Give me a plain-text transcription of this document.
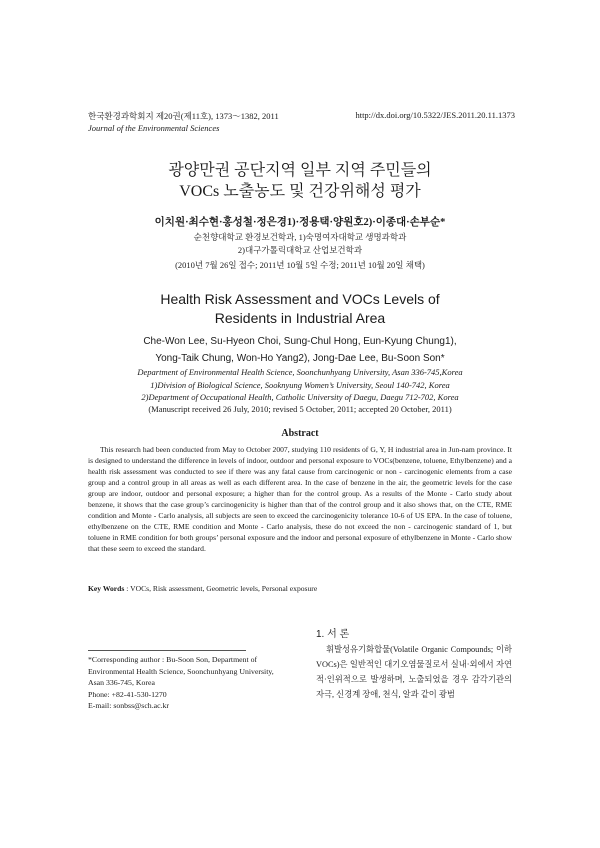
한국환경과학회지 제20권(제11호), 1373～1382, 2011
Journal of the Environmental Sciences
http://dx.doi.org/10.5322/JES.2011.20.11.1373
광양만권 공단지역 일부 지역 주민들의
VOCs 노출농도 및 건강위해성 평가
이치원·최수현·홍성철·정은경1)·정용택·양원호2)·이종대·손부순*
순천향대학교 환경보건학과, 1)숙명여자대학교 생명과학과
2)대구가톨릭대학교 산업보건학과
(2010년 7월 26일 접수; 2011년 10월 5일 수정; 2011년 10월 20일 채택)
Health Risk Assessment and VOCs Levels of
Residents in Industrial Area
Che-Won Lee, Su-Hyeon Choi, Sung-Chul Hong, Eun-Kyung Chung1),
Yong-Taik Chung, Won-Ho Yang2), Jong-Dae Lee, Bu-Soon Son*
Department of Environmental Health Science, Soonchunhyang University, Asan 336-745,Korea
1)Division of Biological Science, Sooknyung Women’s University, Seoul 140-742, Korea
2)Department of Occupational Health, Catholic University of Daegu, Daegu 712-702, Korea
(Manuscript received 26 July, 2010; revised 5 October, 2011; accepted 20 October, 2011)
Abstract
This research had been conducted from May to October 2007, studying 110 residents of G, Y, H industrial area in Jun-nam province. It is designed to understand the difference in levels of indoor, outdoor and personal exposure to VOCs(benzene, toluene, Ethylbenzene) and a health risk assessment was conducted to see if there was any fatal cause from carcinogenic or non - carcinogenic elements from a case group and a control group in all areas as well as each different area. In the case of benzene in the air, the geometric levels for the case group are indoor, outdoor and personal exposure; a higher than for the control group. As a results of the Monte - Carlo study about benzene, it shows that the case group’s carcinogenicity is higher than that of the control group and it also shows that, on the CTE, RME condition and Monte - Carlo analysis, all subjects are seen to exceed the carcinogenicity tolerance 10-6 of US EPA. In the case of toluene, ethylbenzene on the CTE, RME condition and Monte - Carlo analysis, these do not exceed the non - carcinogenic standard of 1, but toluene in RME condition for both groups’ personal exposure and the indoor and personal exposure of ethylbenzene in Monte - Carlo show that these seem to exceed the standard.
Key Words : VOCs, Risk assessment, Geometric levels, Personal exposure
*Corresponding author : Bu-Soon Son, Department of Environmental Health Science, Soonchunhyang University, Asan 336-745, Korea
Phone: +82-41-530-1270
E-mail: sonbss@sch.ac.kr
1. 서 론
휘발성유기화합물(Volatile Organic Compounds; 이하 VOCs)은 일반적인 대기오염물질로서 실내·외에서 자연적·인위적으로 발생하며, 노출되었을 경우 감각기관의 자극, 신경계 장애, 천식, 알과 같이 광범
